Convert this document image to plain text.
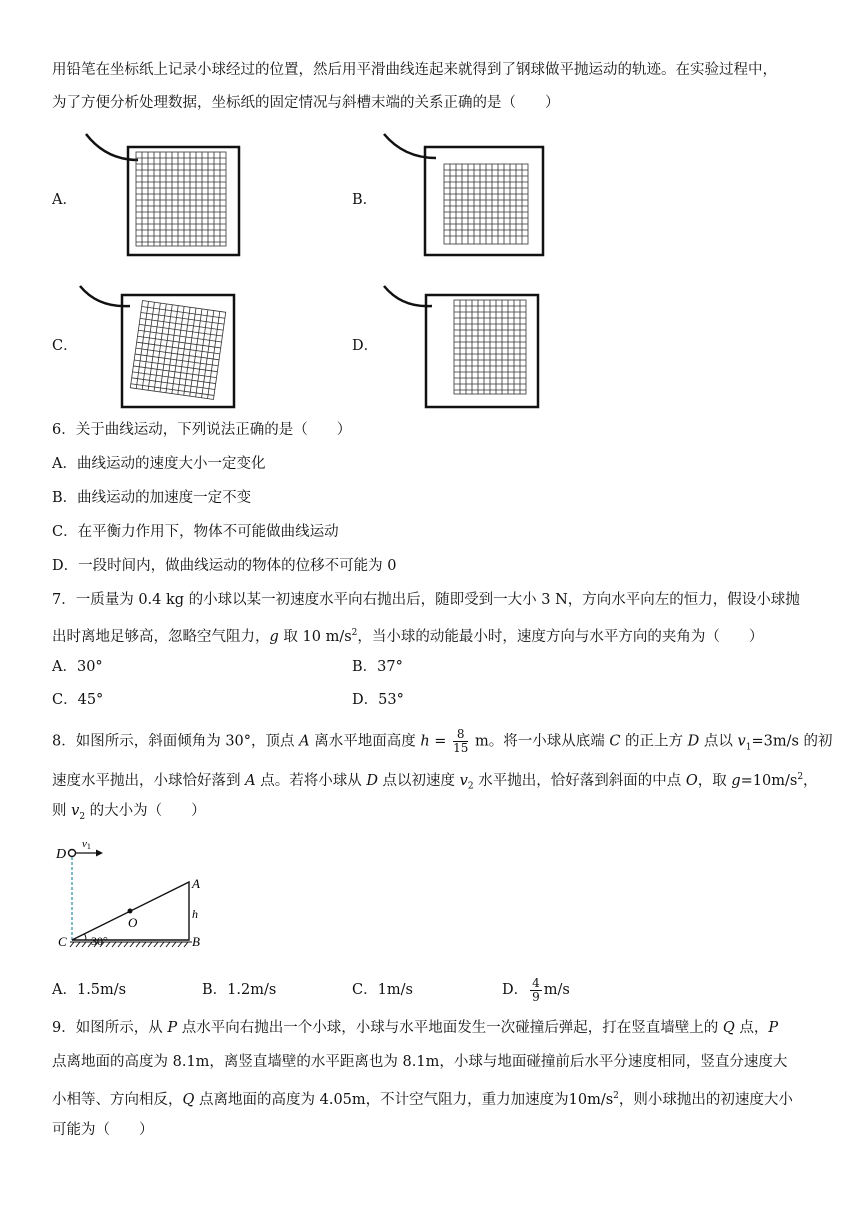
用铅笔在坐标纸上记录小球经过的位置，然后用平滑曲线连起来就得到了钢球做平抛运动的轨迹。在实验过程中，
为了方便分析处理数据，坐标纸的固定情况与斜槽末端的关系正确的是（　　）
A．	B．
C．	D．
6．关于曲线运动，下列说法正确的是（　　）
A．曲线运动的速度大小一定变化
B．曲线运动的加速度一定不变
C．在平衡力作用下，物体不可能做曲线运动
D．一段时间内，做曲线运动的物体的位移不可能为 0
7．一质量为 0.4 kg 的小球以某一初速度水平向右抛出后，随即受到一大小 3 N，方向水平向左的恒力，假设小球抛
出时离地足够高，忽略空气阻力，g 取 10 $m/s^2$，当小球的动能最小时，速度方向与水平方向的夹角为（　　）
A．30°	B．37°
C．45°	D．53°
8．如图所示，斜面倾角为 30°，顶点 A 离水平地面高度 $h = \frac{8}{15}$ m。将一小球从底端 C 的正上方 D 点以 $v_1=3m/s$ 的初
速度水平抛出，小球恰好落到 A 点。若将小球从 D 点以初速度 $v_2$ 水平抛出，恰好落到斜面的中点 O，取 $g=10m/s^2$，
则 $v_2$ 的大小为（　　）
D
v1
O
A
h
B
C 30°
A．1.5m/s	B．1.2m/s	C．1m/s	D． $\frac{4}{9} m/s$
9．如图所示，从 P 点水平向右抛出一个小球，小球与水平地面发生一次碰撞后弹起，打在竖直墙壁上的 Q 点，P
点离地面的高度为 8.1m，离竖直墙壁的水平距离也为 8.1m，小球与地面碰撞前后水平分速度相同，竖直分速度大
小相等、方向相反，Q 点离地面的高度为 4.05m，不计空气阻力，重力加速度为$10m/s^2$，则小球抛出的初速度大小
可能为（　　）
